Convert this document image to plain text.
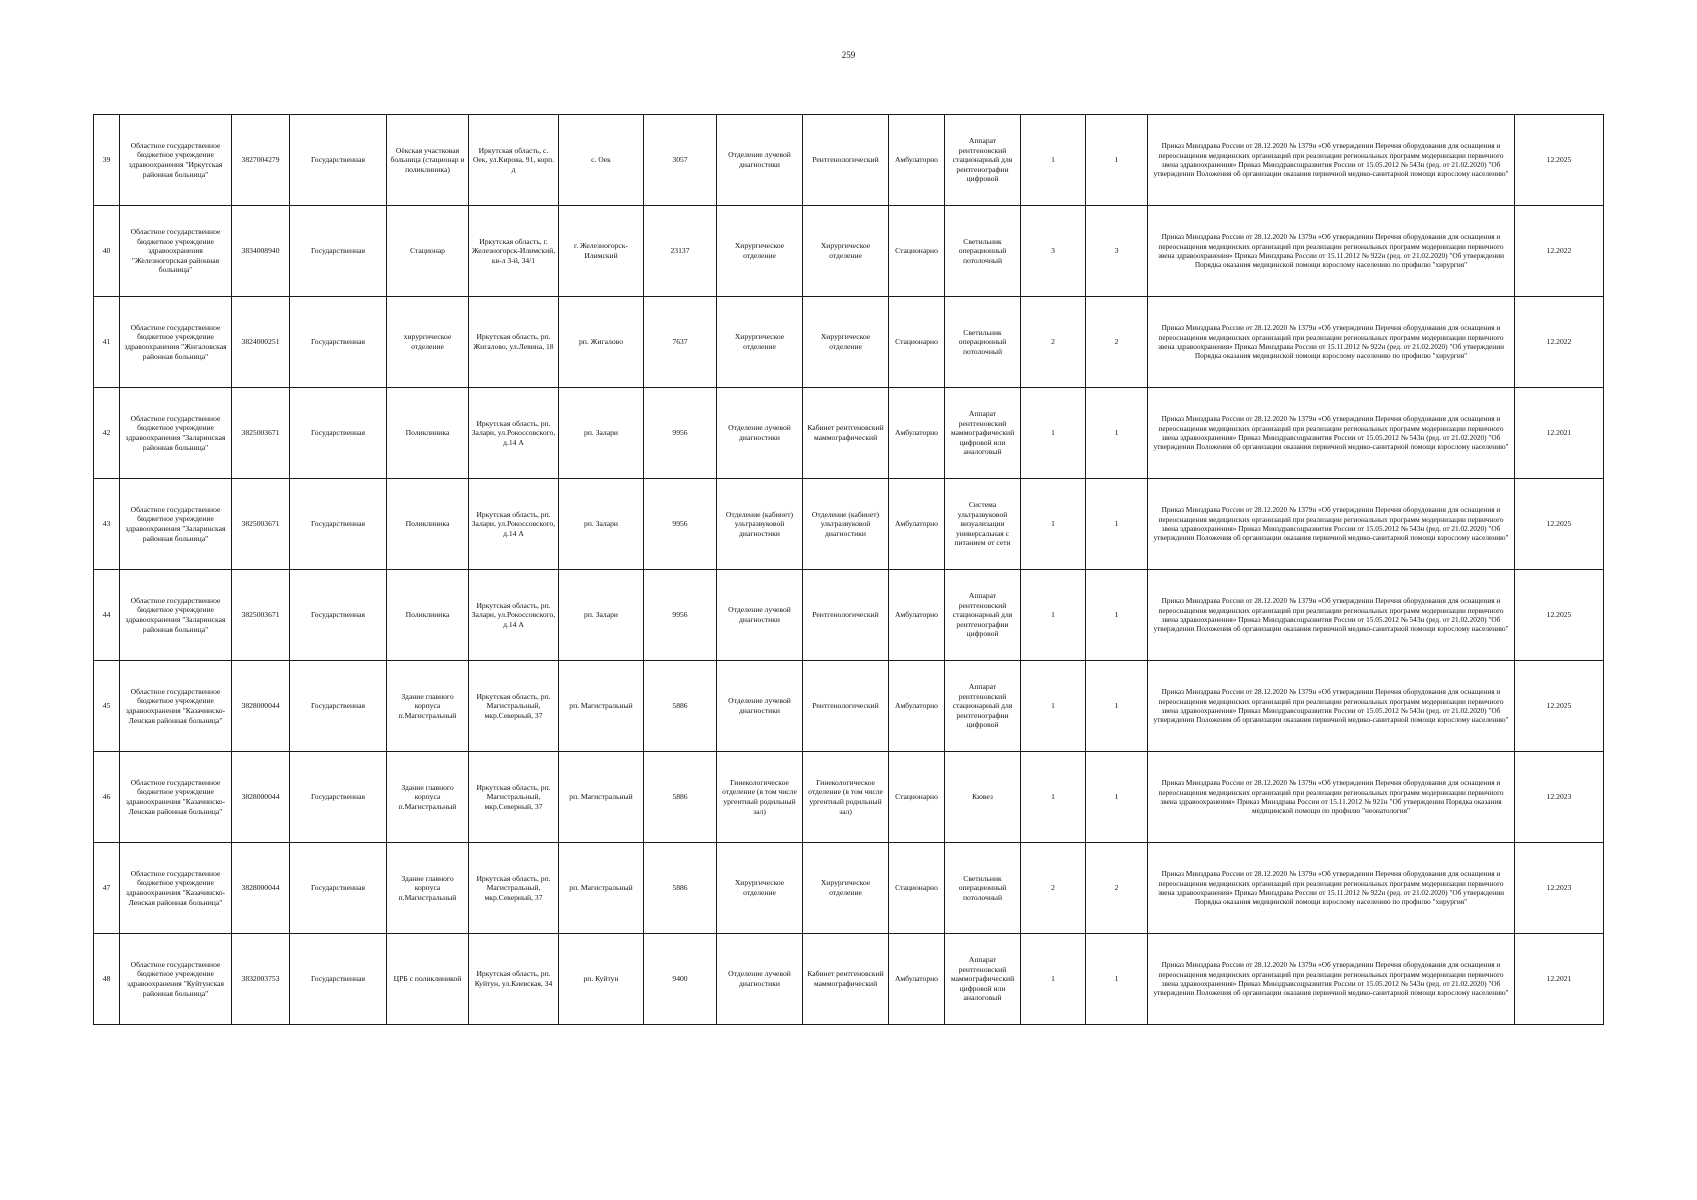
259
39	Областное государственное бюджетное учреждение здравоохранения "Иркутская районная больница"	3827004279	Государственная	Оёкская участковая больница (стационар и поликлиника)	Иркутская область, с. Оек, ул.Кирова, 91, корп. д	с. Оек	3057	Отделение лучевой диагностики	Рентгенологический	Амбулаторно	Аппарат рентгеновский стационарный для рентгенографии цифровой	1	1	Приказ Минздрава России от 28.12.2020 № 1379н «Об утверждении Перечня оборудования для оснащения и переоснащения медицинских организаций при реализации региональных программ модернизации первичного звена здравоохранения» Приказ Минздравсоцразвития России от 15.05.2012 № 543н (ред. от 21.02.2020) "Об утверждении Положения об организации оказания первичной медико-санитарной помощи взрослому населению"	12.2025
40	Областное государственное бюджетное учреждение здравоохранения "Железногорская районная больница"	3834008940	Государственная	Стационар	Иркутская область, г. Железногорск-Илимский, кв-л 3-й, 34/1	г. Железногорск-Илимский	23137	Хирургическое отделение	Хирургическое отделение	Стационарно	Светильник операционный потолочный	3	3	Приказ Минздрава России от 28.12.2020 № 1379н «Об утверждении Перечня оборудования для оснащения и переоснащения медицинских организаций при реализации региональных программ модернизации первичного звена здравоохранения» Приказ Минздрава России от 15.11.2012 № 922н (ред. от 21.02.2020) "Об утверждении Порядка оказания медицинской помощи взрослому населению по профилю "хирургия"	12.2022
41	Областное государственное бюджетное учреждение здравоохранения "Жигаловская районная больница"	3824000251	Государственная	хирургическое отделение	Иркутская область, рп. Жигалово, ул.Левина, 18	рп. Жигалово	7637	Хирургическое отделение	Хирургическое отделение	Стационарно	Светильник операционный потолочный	2	2	Приказ Минздрава России от 28.12.2020 № 1379н «Об утверждении Перечня оборудования для оснащения и переоснащения медицинских организаций при реализации региональных программ модернизации первичного звена здравоохранения» Приказ Минздрава России от 15.11.2012 № 922н (ред. от 21.02.2020) "Об утверждении Порядка оказания медицинской помощи взрослому населению по профилю "хирургия"	12.2022
42	Областное государственное бюджетное учреждение здравоохранения "Заларинская районная больница"	3825003671	Государственная	Поликлиника	Иркутская область, рп. Залари, ул.Рокоссовского, д.14 А	рп. Залари	9956	Отделение лучевой диагностики	Кабинет рентгеновский маммографический	Амбулаторно	Аппарат рентгеновский маммографический цифровой или аналоговый	1	1	Приказ Минздрава России от 28.12.2020 № 1379н «Об утверждении Перечня оборудования для оснащения и переоснащения медицинских организаций при реализации региональных программ модернизации первичного звена здравоохранения» Приказ Минздравсоцразвития России от 15.05.2012 № 543н (ред. от 21.02.2020) "Об утверждении Положения об организации оказания первичной медико-санитарной помощи взрослому населению"	12.2021
43	Областное государственное бюджетное учреждение здравоохранения "Заларинская районная больница"	3825003671	Государственная	Поликлиника	Иркутская область, рп. Залари, ул.Рокоссовского, д.14 А	рп. Залари	9956	Отделение (кабинет) ультразвуковой диагностики	Отделение (кабинет) ультразвуковой диагностики	Амбулаторно	Система ультразвуковой визуализации универсальная с питанием от сети	1	1	Приказ Минздрава России от 28.12.2020 № 1379н «Об утверждении Перечня оборудования для оснащения и переоснащения медицинских организаций при реализации региональных программ модернизации первичного звена здравоохранения» Приказ Минздравсоцразвития России от 15.05.2012 № 543н (ред. от 21.02.2020) "Об утверждении Положения об организации оказания первичной медико-санитарной помощи взрослому населению"	12.2025
44	Областное государственное бюджетное учреждение здравоохранения "Заларинская районная больница"	3825003671	Государственная	Поликлиника	Иркутская область, рп. Залари, ул.Рокоссовского, д.14 А	рп. Залари	9956	Отделение лучевой диагностики	Рентгенологический	Амбулаторно	Аппарат рентгеновский стационарный для рентгенографии цифровой	1	1	Приказ Минздрава России от 28.12.2020 № 1379н «Об утверждении Перечня оборудования для оснащения и переоснащения медицинских организаций при реализации региональных программ модернизации первичного звена здравоохранения» Приказ Минздравсоцразвития России от 15.05.2012 № 543н (ред. от 21.02.2020) "Об утверждении Положения об организации оказания первичной медико-санитарной помощи взрослому населению"	12.2025
45	Областное государственное бюджетное учреждение здравоохранения "Казачинско-Ленская районная больница"	3828000044	Государственная	Здание главного корпуса п.Магистральный	Иркутская область, рп. Магистральный, мкр.Северный, 37	рп. Магистральный	5886	Отделение лучевой диагностики	Рентгенологический	Амбулаторно	Аппарат рентгеновский стационарный для рентгенографии цифровой	1	1	Приказ Минздрава России от 28.12.2020 № 1379н «Об утверждении Перечня оборудования для оснащения и переоснащения медицинских организаций при реализации региональных программ модернизации первичного звена здравоохранения» Приказ Минздравсоцразвития России от 15.05.2012 № 543н (ред. от 21.02.2020) "Об утверждении Положения об организации оказания первичной медико-санитарной помощи взрослому населению"	12.2025
46	Областное государственное бюджетное учреждение здравоохранения "Казачинско-Ленская районная больница"	3828000044	Государственная	Здание главного корпуса п.Магистральный	Иркутская область, рп. Магистральный, мкр.Северный, 37	рп. Магистральный	5886	Гинекологическое отделение (в том числе ургентный родильный зал)	Гинекологическое отделение (в том числе ургентный родильный зал)	Стационарно	Кювез	1	1	Приказ Минздрава России от 28.12.2020 № 1379н «Об утверждении Перечня оборудования для оснащения и переоснащения медицинских организаций при реализации региональных программ модернизации первичного звена здравоохранения» Приказ Минздрава России от 15.11.2012 № 921н "Об утверждении Порядка оказания медицинской помощи по профилю "неонатология"	12.2023
47	Областное государственное бюджетное учреждение здравоохранения "Казачинско-Ленская районная больница"	3828000044	Государственная	Здание главного корпуса п.Магистральный	Иркутская область, рп. Магистральный, мкр.Северный, 37	рп. Магистральный	5886	Хирургическое отделение	Хирургическое отделение	Стационарно	Светильник операционный потолочный	2	2	Приказ Минздрава России от 28.12.2020 № 1379н «Об утверждении Перечня оборудования для оснащения и переоснащения медицинских организаций при реализации региональных программ модернизации первичного звена здравоохранения» Приказ Минздрава России от 15.11.2012 № 922н (ред. от 21.02.2020) "Об утверждении Порядка оказания медицинской помощи взрослому населению по профилю "хирургия"	12.2023
48	Областное государственное бюджетное учреждение здравоохранения "Куйтунская районная больница"	3832003753	Государственная	ЦРБ с поликлиникой	Иркутская область, рп. Куйтун, ул.Киевская, 34	рп. Куйтун	9400	Отделение лучевой диагностики	Кабинет рентгеновский маммографический	Амбулаторно	Аппарат рентгеновский маммографический цифровой или аналоговый	1	1	Приказ Минздрава России от 28.12.2020 № 1379н «Об утверждении Перечня оборудования для оснащения и переоснащения медицинских организаций при реализации региональных программ модернизации первичного звена здравоохранения» Приказ Минздравсоцразвития России от 15.05.2012 № 543н (ред. от 21.02.2020) "Об утверждении Положения об организации оказания первичной медико-санитарной помощи взрослому населению"	12.2021
